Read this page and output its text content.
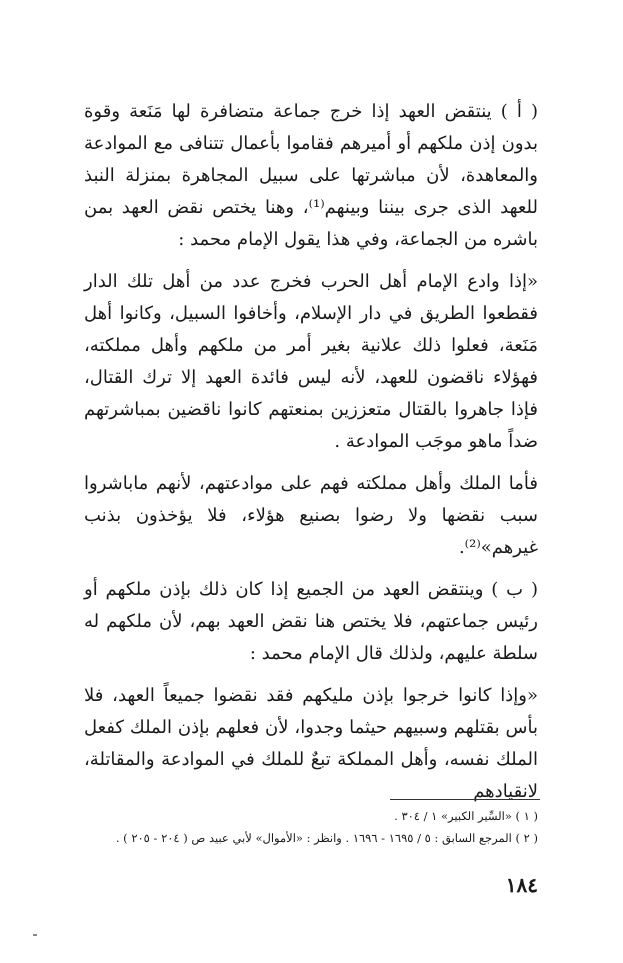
( أ ) ينتقض العهد إذا خرج جماعة متضافرة لها مَنَعة وقوة بدون إذن ملكهم أو أميرهم فقاموا بأعمال تتنافى مع الموادعة والمعاهدة، لأن مباشرتها على سبيل المجاهرة بمنزلة النبذ للعهد الذى جرى بيننا وبينهم⁽¹⁾، وهنا يختص نقض العهد بمن باشره من الجماعة، وفي هذا يقول الإمام محمد :

«إذا وادع الإمام أهل الحرب فخرج عدد من أهل تلك الدار فقطعوا الطريق في دار الإسلام، وأخافوا السبيل، وكانوا أهل مَنَعة، فعلوا ذلك علانية بغير أمر من ملكهم وأهل مملكته، فهؤلاء ناقضون للعهد، لأنه ليس فائدة العهد إلا ترك القتال، فإذا جاهروا بالقتال متعززين بمنعتهم كانوا ناقضين بمباشرتهم ضداً ماهو موجَب الموادعة .

فأما الملك وأهل مملكته فهم على موادعتهم، لأنهم ماباشروا سبب نقضها ولا رضوا بصنيع هؤلاء، فلا يؤخذون بذنب غيرهم»⁽²⁾.

( ب ) وينتقض العهد من الجميع إذا كان ذلك بإذن ملكهم أو رئيس جماعتهم، فلا يختص هنا نقض العهد بهم، لأن ملكهم له سلطة عليهم، ولذلك قال الإمام محمد :

«وإذا كانوا خرجوا بإذن مليكهم فقد نقضوا جميعاً العهد، فلا بأس بقتلهم وسبيهم حيثما وجدوا، لأن فعلهم بإذن الملك كفعل الملك نفسه، وأهل المملكة تبعٌ للملك في الموادعة والمقاتلة، لانقيادهم

( ١ ) «السِّير الكبير» ١ / ٣٠٤ .

( ٢ ) المرجع السابق : ٥ / ١٦٩٥ - ١٦٩٦ . وانظر : «الأموال» لأبي عبيد ص ( ٢٠٤ - ٢٠٥ ) .

١٨٤
